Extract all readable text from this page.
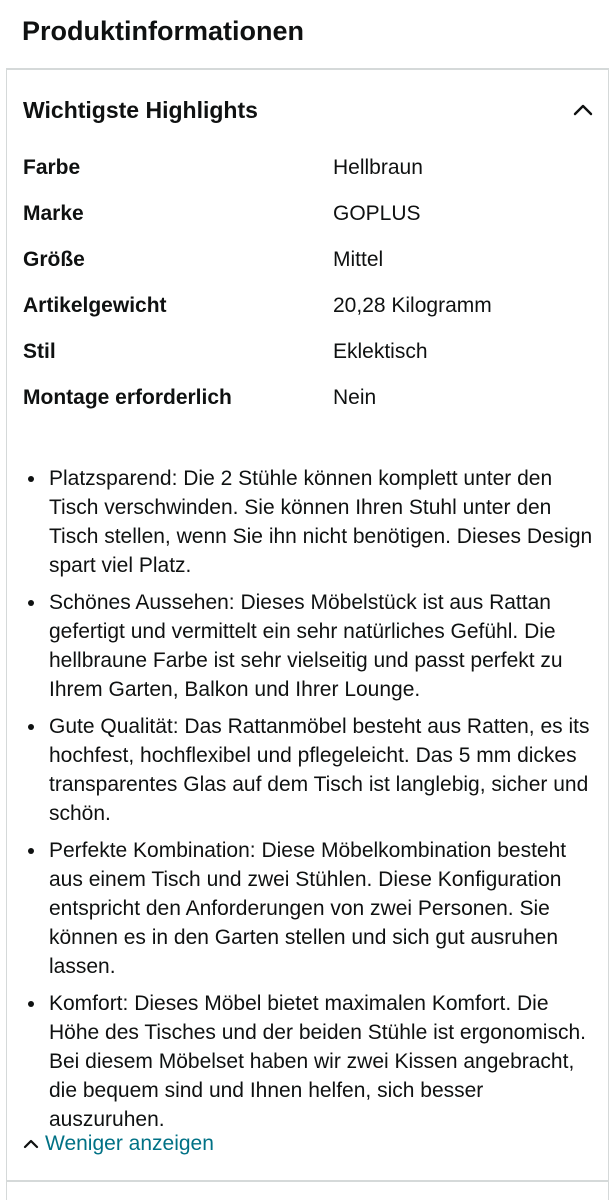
Produktinformationen
Wichtigste Highlights
Farbe	Hellbraun
Marke	GOPLUS
Größe	Mittel
Artikelgewicht	20,28 Kilogramm
Stil	Eklektisch
Montage erforderlich	Nein
Platzsparend: Die 2 Stühle können komplett unter den Tisch verschwinden. Sie können Ihren Stuhl unter den Tisch stellen, wenn Sie ihn nicht benötigen. Dieses Design spart viel Platz.
Schönes Aussehen: Dieses Möbelstück ist aus Rattan gefertigt und vermittelt ein sehr natürliches Gefühl. Die hellbraune Farbe ist sehr vielseitig und passt perfekt zu Ihrem Garten, Balkon und Ihrer Lounge.
Gute Qualität: Das Rattanmöbel besteht aus Ratten, es its hochfest, hochflexibel und pflegeleicht. Das 5 mm dickes transparentes Glas auf dem Tisch ist langlebig, sicher und schön.
Perfekte Kombination: Diese Möbelkombination besteht aus einem Tisch und zwei Stühlen. Diese Konfiguration entspricht den Anforderungen von zwei Personen. Sie können es in den Garten stellen und sich gut ausruhen lassen.
Komfort: Dieses Möbel bietet maximalen Komfort. Die Höhe des Tisches und der beiden Stühle ist ergonomisch. Bei diesem Möbelset haben wir zwei Kissen angebracht, die bequem sind und Ihnen helfen, sich besser auszuruhen.
Weniger anzeigen
